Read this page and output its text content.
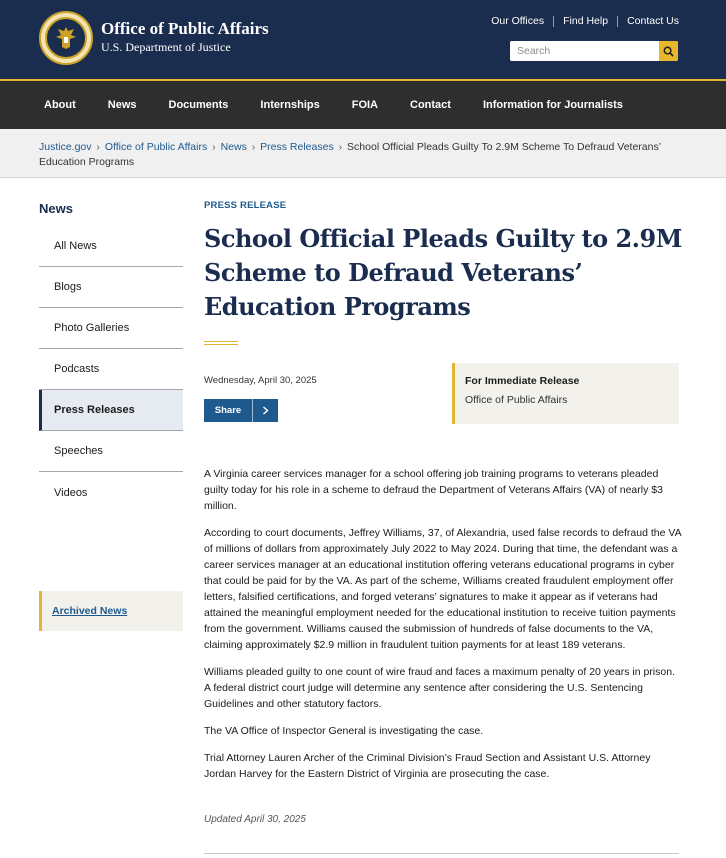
Office of Public Affairs
U.S. Department of Justice
Our Offices Find Help Contact Us
Search
About	News	Documents	Internships	FOIA	Contact	Information for Journalists
Justice.gov › Office of Public Affairs › News › Press Releases › School Official Pleads Guilty To 2.9M Scheme To Defraud Veterans’ Education Programs
News
All News
Blogs
Photo Galleries
Podcasts
Press Releases
Speeches
Videos
Archived News
PRESS RELEASE
School Official Pleads Guilty to 2.9M Scheme to Defraud Veterans’ Education Programs
Wednesday, April 30, 2025
Share
For Immediate Release
Office of Public Affairs

A Virginia career services manager for a school offering job training programs to veterans pleaded guilty today for his role in a scheme to defraud the Department of Veterans Affairs (VA) of nearly $3 million.

According to court documents, Jeffrey Williams, 37, of Alexandria, used false records to defraud the VA of millions of dollars from approximately July 2022 to May 2024. During that time, the defendant was a career services manager at an educational institution offering veterans educational programs in cyber that could be paid for by the VA. As part of the scheme, Williams created fraudulent employment offer letters, falsified certifications, and forged veterans’ signatures to make it appear as if veterans had attained the meaningful employment needed for the educational institution to receive tuition payments from the government. Williams caused the submission of hundreds of false documents to the VA, claiming approximately $2.9 million in fraudulent tuition payments for at least 189 veterans.

Williams pleaded guilty to one count of wire fraud and faces a maximum penalty of 20 years in prison. A federal district court judge will determine any sentence after considering the U.S. Sentencing Guidelines and other statutory factors.

The VA Office of Inspector General is investigating the case.

Trial Attorney Lauren Archer of the Criminal Division’s Fraud Section and Assistant U.S. Attorney Jordan Harvey for the Eastern District of Virginia are prosecuting the case.

Updated April 30, 2025
